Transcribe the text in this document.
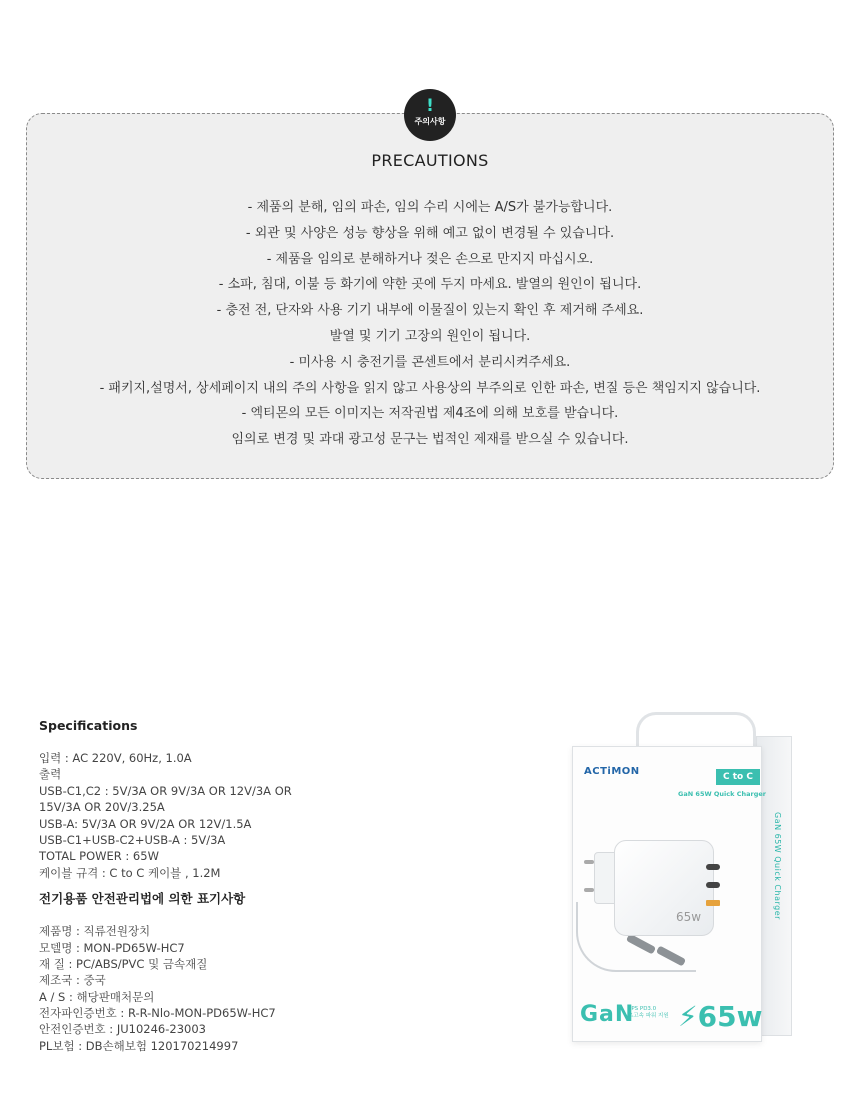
!
주의사항
PRECAUTIONS
- 제품의 분해, 임의 파손, 임의 수리 시에는 A/S가 불가능합니다.
- 외관 및 사양은 성능 향상을 위해 예고 없이 변경될 수 있습니다.
- 제품을 임의로 분해하거나 젖은 손으로 만지지 마십시오.
- 소파, 침대, 이불 등 화기에 약한 곳에 두지 마세요. 발열의 원인이 됩니다.
- 충전 전, 단자와 사용 기기 내부에 이물질이 있는지 확인 후 제거해 주세요.
발열 및 기기 고장의 원인이 됩니다.
- 미사용 시 충전기를 콘센트에서 분리시켜주세요.
- 패키지,설명서, 상세페이지 내의 주의 사항을 읽지 않고 사용상의 부주의로 인한 파손, 변질 등은 책임지지 않습니다.
- 엑티몬의 모든 이미지는 저작권법 제4조에 의해 보호를 받습니다.
임의로 변경 및 과대 광고성 문구는 법적인 제재를 받으실 수 있습니다.
Specifications
입력 : AC 220V, 60Hz, 1.0A
출력
USB-C1,C2 : 5V/3A OR 9V/3A OR 12V/3A OR
15V/3A OR 20V/3.25A
USB-A: 5V/3A OR 9V/2A OR 12V/1.5A
USB-C1+USB-C2+USB-A : 5V/3A
TOTAL POWER : 65W
케이블 규격 : C to C 케이블 , 1.2M
전기용품 안전관리법에 의한 표기사항
제품명 : 직류전원장치
모델명 : MON-PD65W-HC7
재 질 : PC/ABS/PVC 및 금속재질
제조국 : 중국
A / S : 해당판매처문의
전자파인증번호 : R-R-Nlo-MON-PD65W-HC7
안전인증번호 : JU10246-23003
PL보험 : DB손해보험 120170214997
GaN 65W Quick Charger
ACTiMON	C to C
GaN 65W Quick Charger
65w
GaN
PPS PD3.0
초고속 파워 지원 ⚡65w
